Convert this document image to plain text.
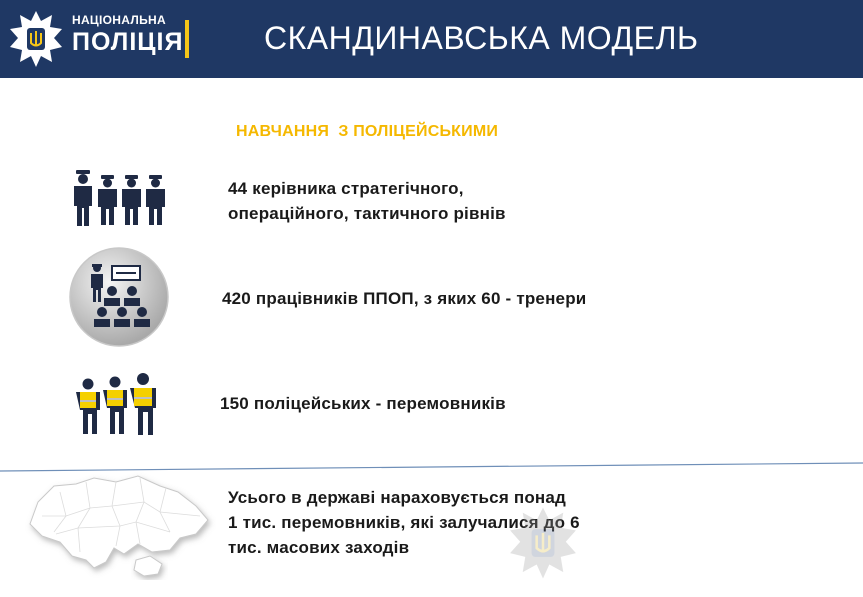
НАЦІОНАЛЬНА
ПОЛІЦІЯ	СКАНДИНАВСЬКА МОДЕЛЬ
НАВЧАННЯ  З ПОЛІЦЕЙСЬКИМИ
44 керівника стратегічного,
операційного, тактичного рівнів
420 працівників ППОП, з яких 60 - тренери
150 поліцейських - перемовників
Усього в державі нараховується понад
1 тис. перемовників, які залучалися до 6
тис. масових заходів
